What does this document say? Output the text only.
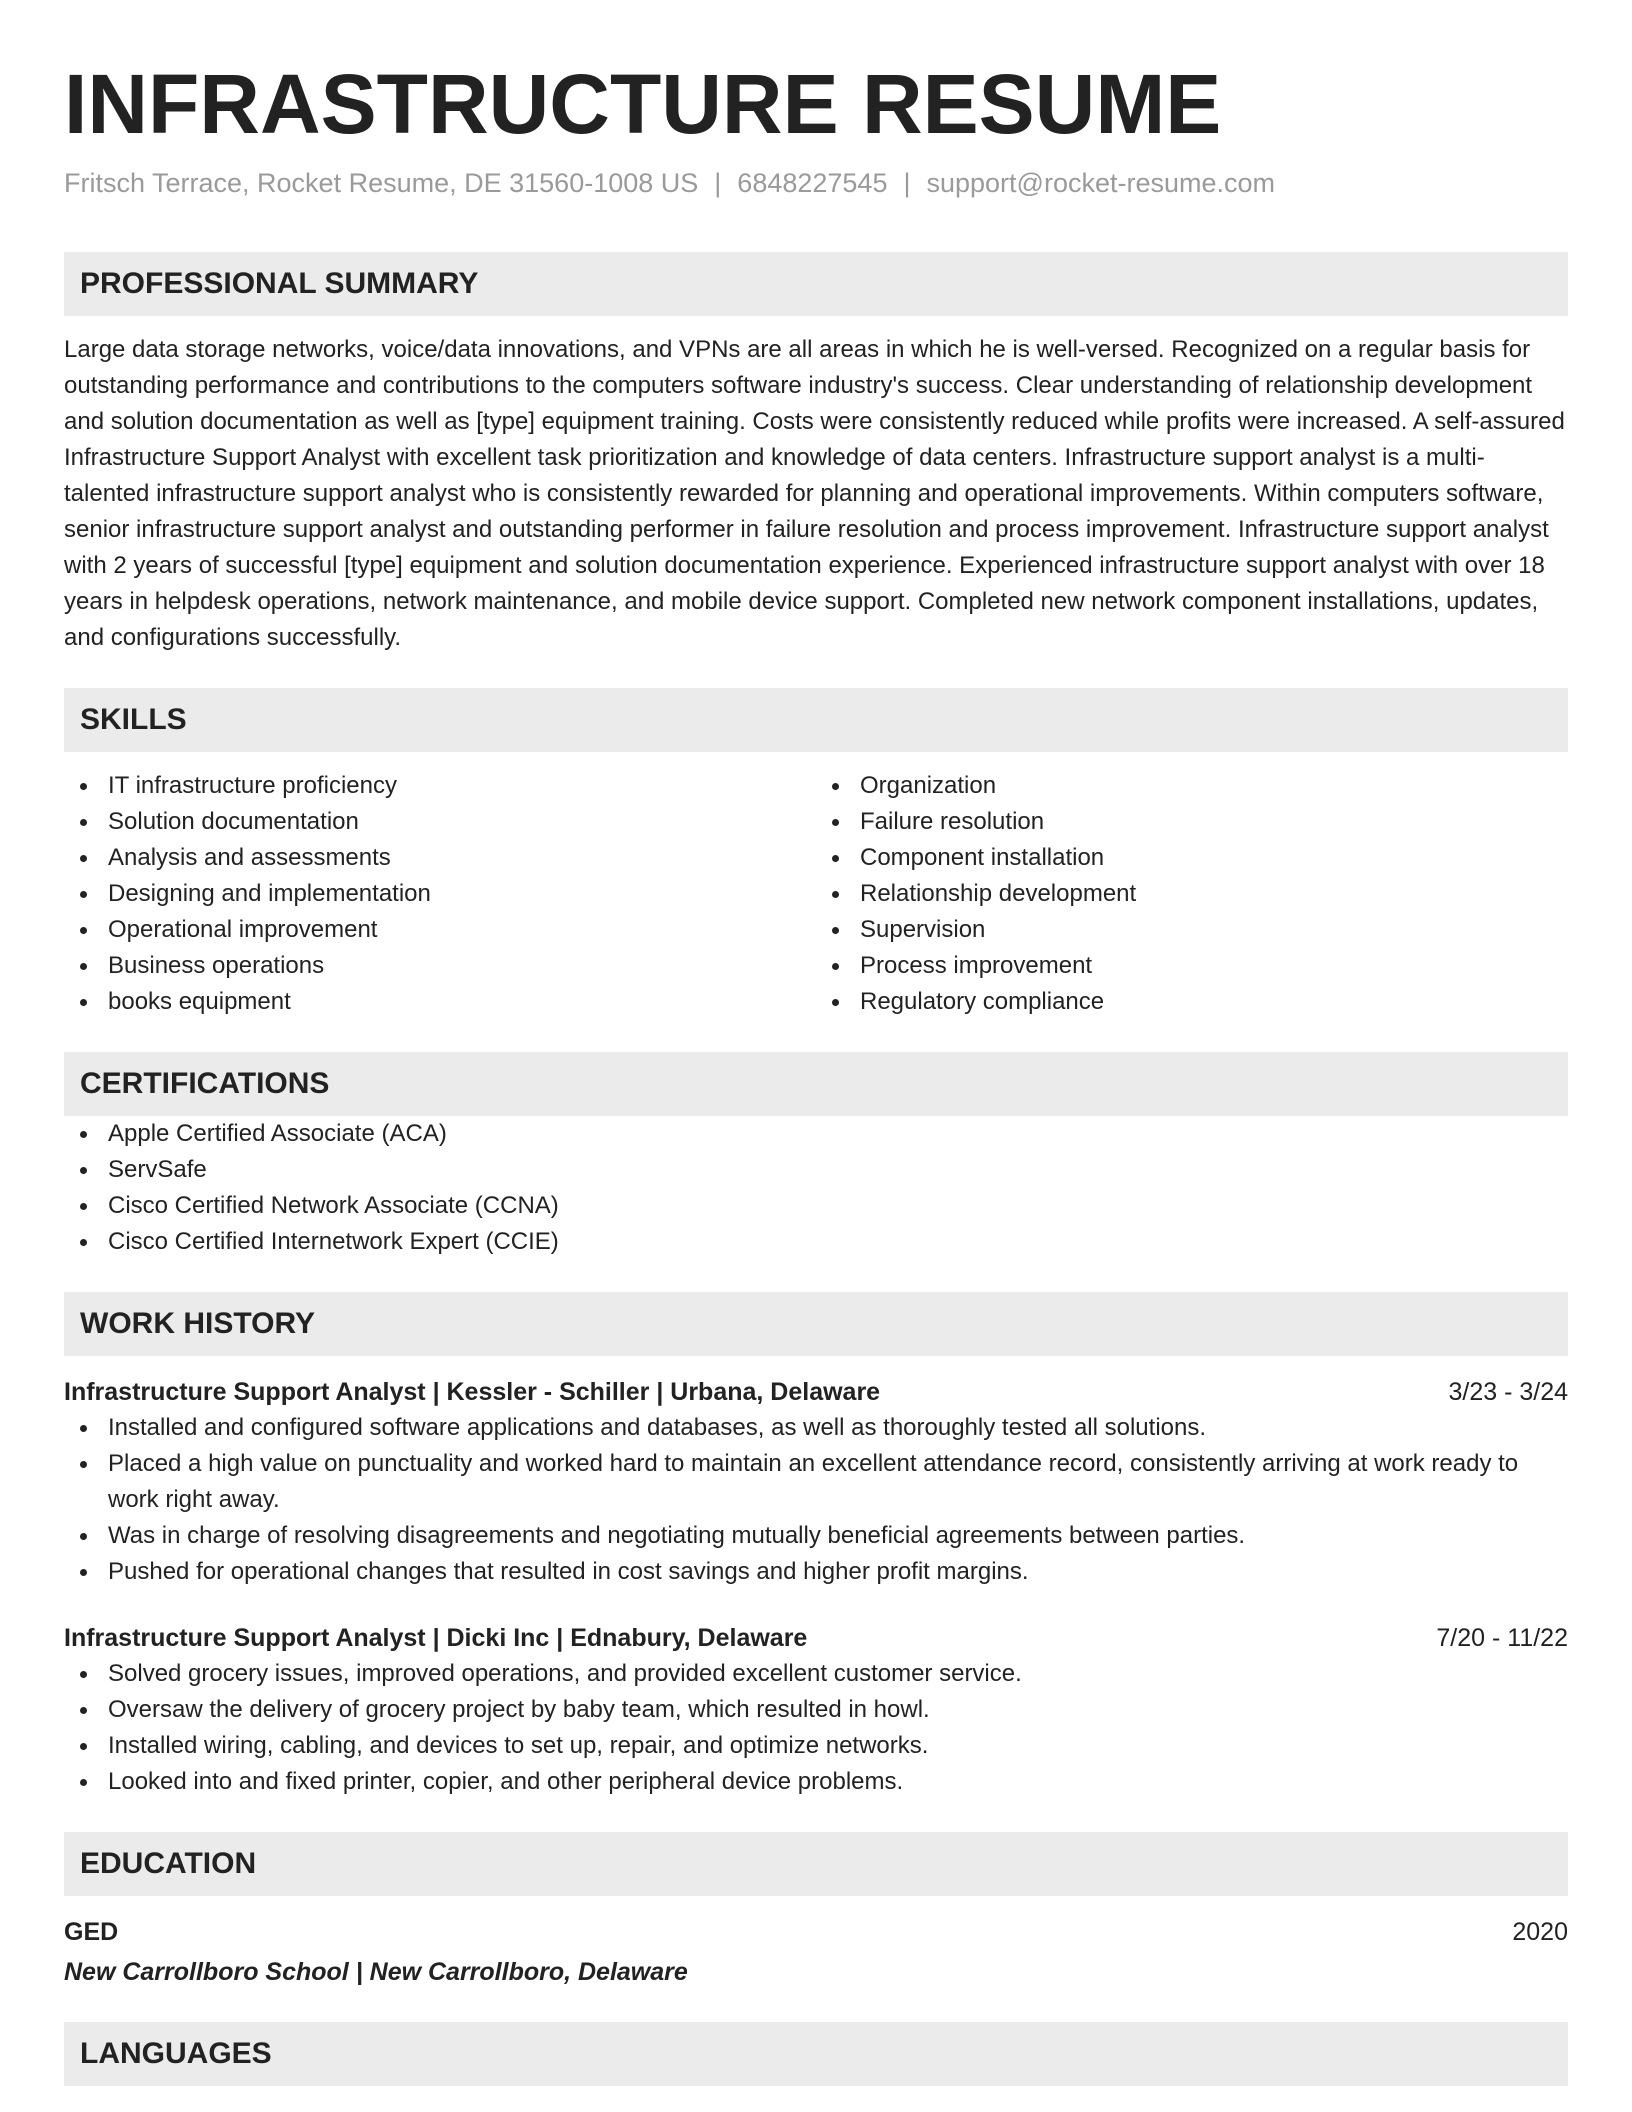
INFRASTRUCTURE RESUME
Fritsch Terrace, Rocket Resume, DE 31560-1008 US | 6848227545 | support@rocket-resume.com
PROFESSIONAL SUMMARY
Large data storage networks, voice/data innovations, and VPNs are all areas in which he is well-versed. Recognized on a regular basis for outstanding performance and contributions to the computers software industry's success. Clear understanding of relationship development and solution documentation as well as [type] equipment training. Costs were consistently reduced while profits were increased. A self-assured Infrastructure Support Analyst with excellent task prioritization and knowledge of data centers. Infrastructure support analyst is a multi-talented infrastructure support analyst who is consistently rewarded for planning and operational improvements. Within computers software, senior infrastructure support analyst and outstanding performer in failure resolution and process improvement. Infrastructure support analyst with 2 years of successful [type] equipment and solution documentation experience. Experienced infrastructure support analyst with over 18 years in helpdesk operations, network maintenance, and mobile device support. Completed new network component installations, updates, and configurations successfully.
SKILLS
IT infrastructure proficiency
Solution documentation
Analysis and assessments
Designing and implementation
Operational improvement
Business operations
books equipment
Organization
Failure resolution
Component installation
Relationship development
Supervision
Process improvement
Regulatory compliance
CERTIFICATIONS
Apple Certified Associate (ACA)
ServSafe
Cisco Certified Network Associate (CCNA)
Cisco Certified Internetwork Expert (CCIE)
WORK HISTORY
Infrastructure Support Analyst | Kessler - Schiller | Urbana, Delaware	3/23 - 3/24
Installed and configured software applications and databases, as well as thoroughly tested all solutions.
Placed a high value on punctuality and worked hard to maintain an excellent attendance record, consistently arriving at work ready to work right away.
Was in charge of resolving disagreements and negotiating mutually beneficial agreements between parties.
Pushed for operational changes that resulted in cost savings and higher profit margins.
Infrastructure Support Analyst | Dicki Inc | Ednabury, Delaware	7/20 - 11/22
Solved grocery issues, improved operations, and provided excellent customer service.
Oversaw the delivery of grocery project by baby team, which resulted in howl.
Installed wiring, cabling, and devices to set up, repair, and optimize networks.
Looked into and fixed printer, copier, and other peripheral device problems.
EDUCATION
GED	2020
New Carrollboro School | New Carrollboro, Delaware
LANGUAGES
